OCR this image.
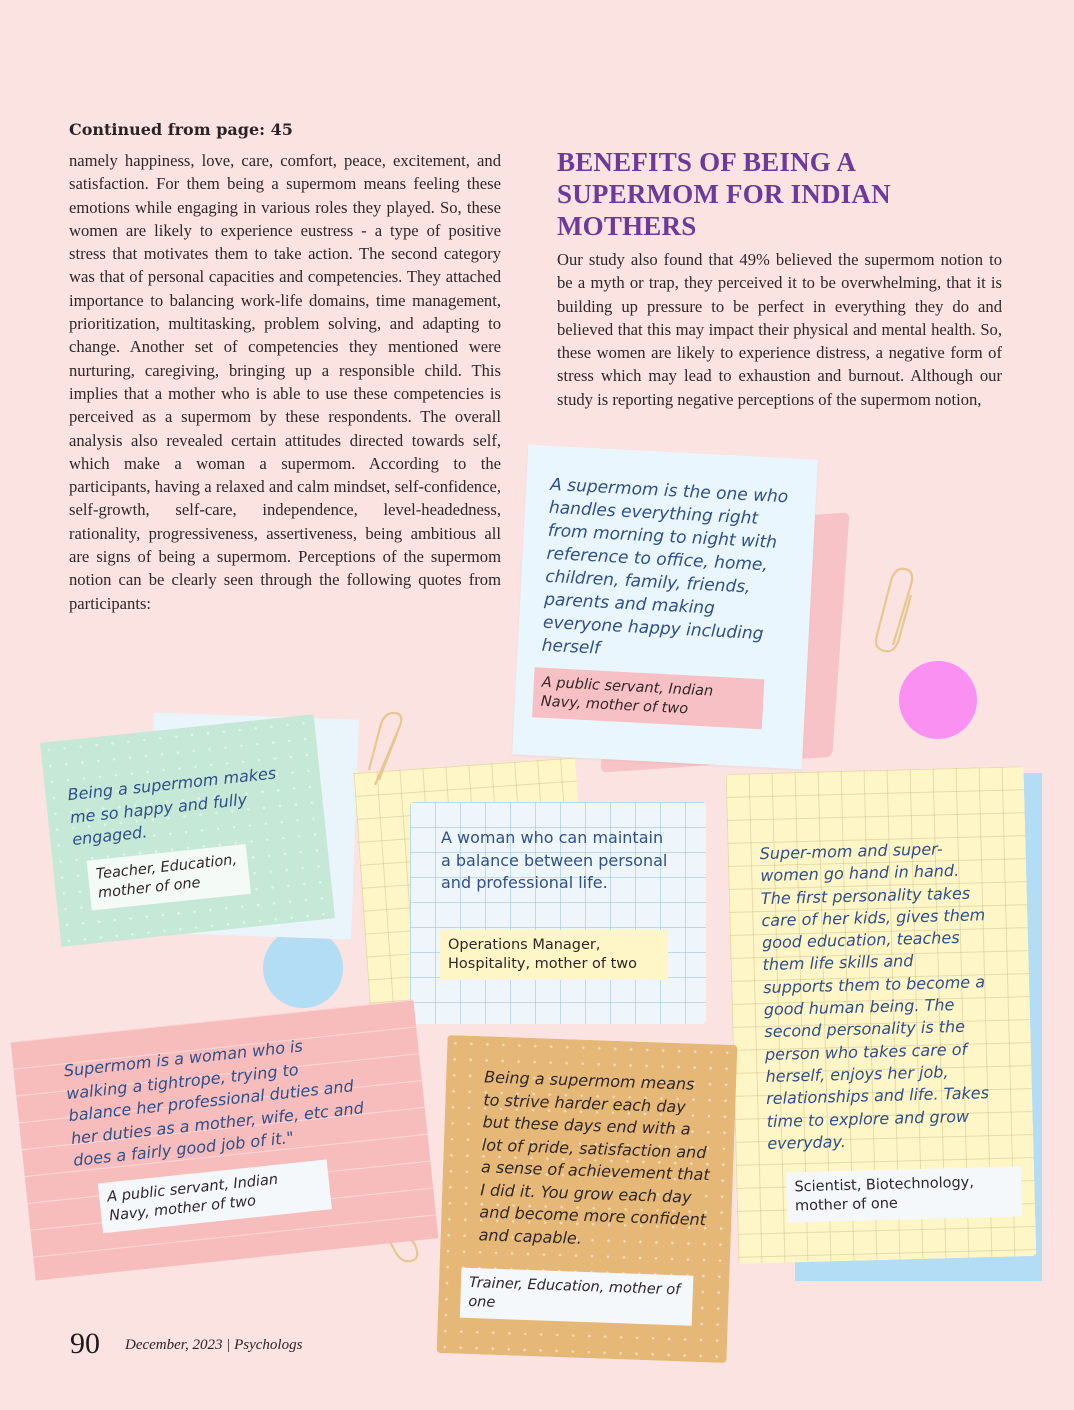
Continued from page: 45
namely happiness, love, care, comfort, peace, excitement, and satisfaction. For them being a supermom means feeling these emotions while engaging in various roles they played. So, these women are likely to experience eustress - a type of positive stress that motivates them to take action. The second category was that of personal capacities and competencies. They attached importance to balancing work-life domains, time management, prioritization, multitasking, problem solving, and adapting to change. Another set of competencies they mentioned were nurturing, caregiving, bringing up a responsible child. This implies that a mother who is able to use these competencies is perceived as a supermom by these respondents. The overall analysis also revealed certain attitudes directed towards self, which make a woman a supermom. According to the participants, having a relaxed and calm mindset, self-confidence, self-growth, self-care, independence, level-headedness, rationality, progressiveness, assertiveness, being ambitious all are signs of being a supermom. Perceptions of the supermom notion can be clearly seen through the following quotes from participants:
BENEFITS OF BEING A SUPERMOM FOR INDIAN MOTHERS
Our study also found that 49% believed the supermom notion to be a myth or trap, they perceived it to be overwhelming, that it is building up pressure to be perfect in everything they do and believed that this may impact their physical and mental health. So, these women are likely to experience distress, a negative form of stress which may lead to exhaustion and burnout. Although our study is reporting negative perceptions of the supermom notion,
A supermom is the one who handles everything right from morning to night with reference to office, home, children, family, friends, parents and making everyone happy including herself
A public servant, Indian Navy, mother of two
Being a supermom makes me so happy and fully engaged.
Teacher, Education, mother of one
A woman who can maintain a balance between personal and professional life.
Operations Manager, Hospitality, mother of two
Super-mom and super-women go hand in hand. The first personality takes care of her kids, gives them good education, teaches them life skills and supports them to become a good human being. The second personality is the person who takes care of herself, enjoys her job, relationships and life. Takes time to explore and grow everyday.
Scientist, Biotechnology, mother of one
Supermom is a woman who is walking a tightrope, trying to balance her professional duties and her duties as a mother, wife, etc and does a fairly good job of it."
A public servant, Indian Navy, mother of two
Being a supermom means to strive harder each day but these days end with a lot of pride, satisfaction and a sense of achievement that I did it. You grow each day and become more confident and capable.
Trainer, Education, mother of one
90 December, 2023 | Psychologs
